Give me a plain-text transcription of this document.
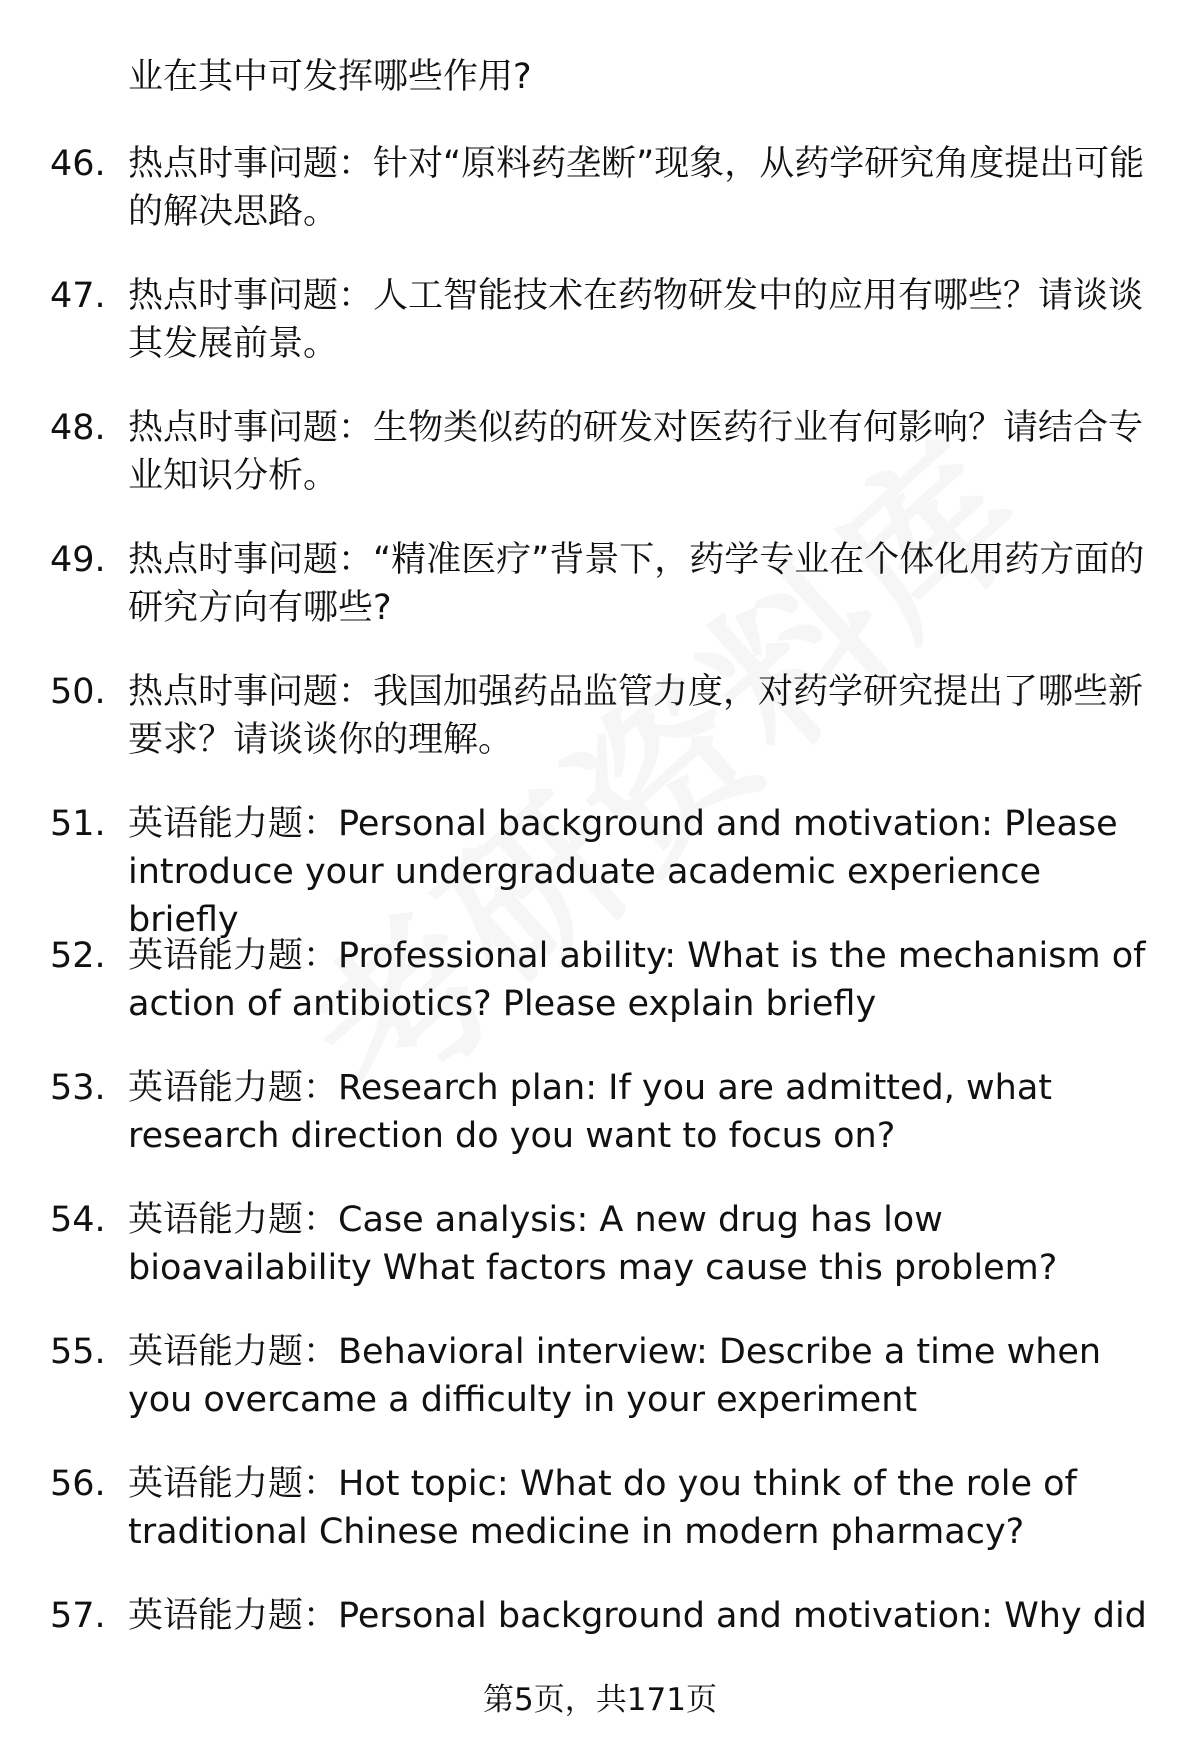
业在其中可发挥哪些作用?
46. 热点时事问题：针对“原料药垄断”现象，从药学研究角度提出可能的解决思路。
47. 热点时事问题：人工智能技术在药物研发中的应用有哪些？请谈谈其发展前景。
48. 热点时事问题：生物类似药的研发对医药行业有何影响？请结合专业知识分析。
49. 热点时事问题：“精准医疗”背景下，药学专业在个体化用药方面的研究方向有哪些?
50. 热点时事问题：我国加强药品监管力度，对药学研究提出了哪些新要求？请谈谈你的理解。
51. 英语能力题：Personal background and motivation: Please introduce your undergraduate academic experience briefly
52. 英语能力题：Professional ability: What is the mechanism of action of antibiotics? Please explain briefly
53. 英语能力题：Research plan: If you are admitted, what research direction do you want to focus on?
54. 英语能力题：Case analysis: A new drug has low bioavailability What factors may cause this problem?
55. 英语能力题：Behavioral interview: Describe a time when you overcame a difficulty in your experiment
56. 英语能力题：Hot topic: What do you think of the role of traditional Chinese medicine in modern pharmacy?
57. 英语能力题：Personal background and motivation: Why did
第5页，共171页
